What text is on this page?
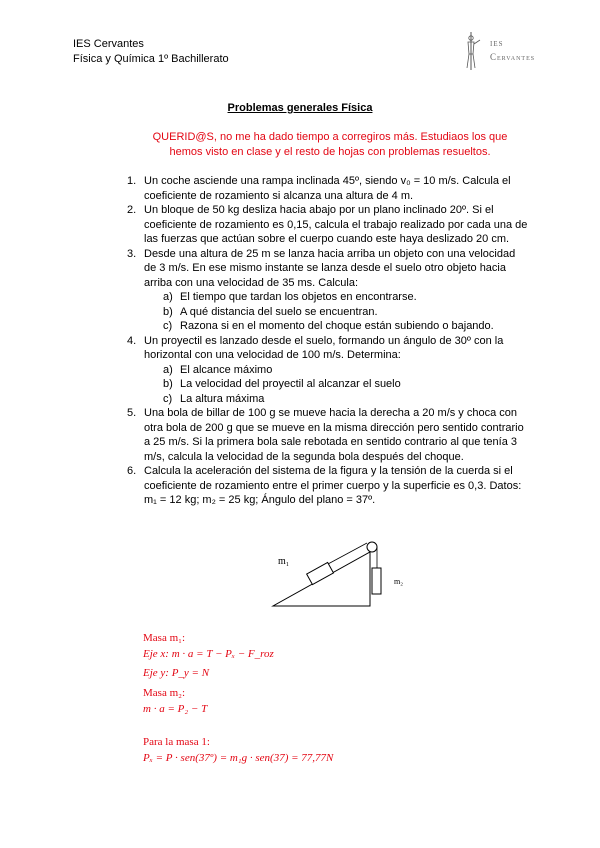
IES Cervantes
Física y Química 1º Bachillerato
IES
Cervantes
Problemas generales Física
QUERID@S, no me ha dado tiempo a corregiros más. Estudiaos los que hemos visto en clase y el resto de hojas con problemas resueltos.
1. Un coche asciende una rampa inclinada 45º, siendo v₀ = 10 m/s. Calcula el coeficiente de rozamiento si alcanza una altura de 4 m.
2. Un bloque de 50 kg desliza hacia abajo por un plano inclinado 20º. Si el coeficiente de rozamiento es 0,15, calcula el trabajo realizado por cada una de las fuerzas que actúan sobre el cuerpo cuando este haya deslizado 20 cm.
3. Desde una altura de 25 m se lanza hacia arriba un objeto con una velocidad de 3 m/s. En ese mismo instante se lanza desde el suelo otro objeto hacia arriba con una velocidad de 35 ms. Calcula:
a) El tiempo que tardan los objetos en encontrarse.
b) A qué distancia del suelo se encuentran.
c) Razona si en el momento del choque están subiendo o bajando.
4. Un proyectil es lanzado desde el suelo, formando un ángulo de 30º con la horizontal con una velocidad de 100 m/s. Determina:
a) El alcance máximo
b) La velocidad del proyectil al alcanzar el suelo
c) La altura máxima
5. Una bola de billar de 100 g se mueve hacia la derecha a 20 m/s y choca con otra bola de 200 g que se mueve en la misma dirección pero sentido contrario a 25 m/s. Si la primera bola sale rebotada en sentido contrario al que tenía 3 m/s, calcula la velocidad de la segunda bola después del choque.
6. Calcula la aceleración del sistema de la figura y la tensión de la cuerda si el coeficiente de rozamiento entre el primer cuerpo y la superficie es 0,3. Datos: m₁ = 12 kg; m₂ = 25 kg; Ángulo del plano = 37º.
m₁
m₂
Masa m₁:
Eje x: m · a = T − Pₓ − F_roz
Eje y: P_y = N
Masa m₂:
m · a = P₂ − T
Para la masa 1:
Pₓ = P · sen(37º) = m₁g · sen(37) = 77,77N
